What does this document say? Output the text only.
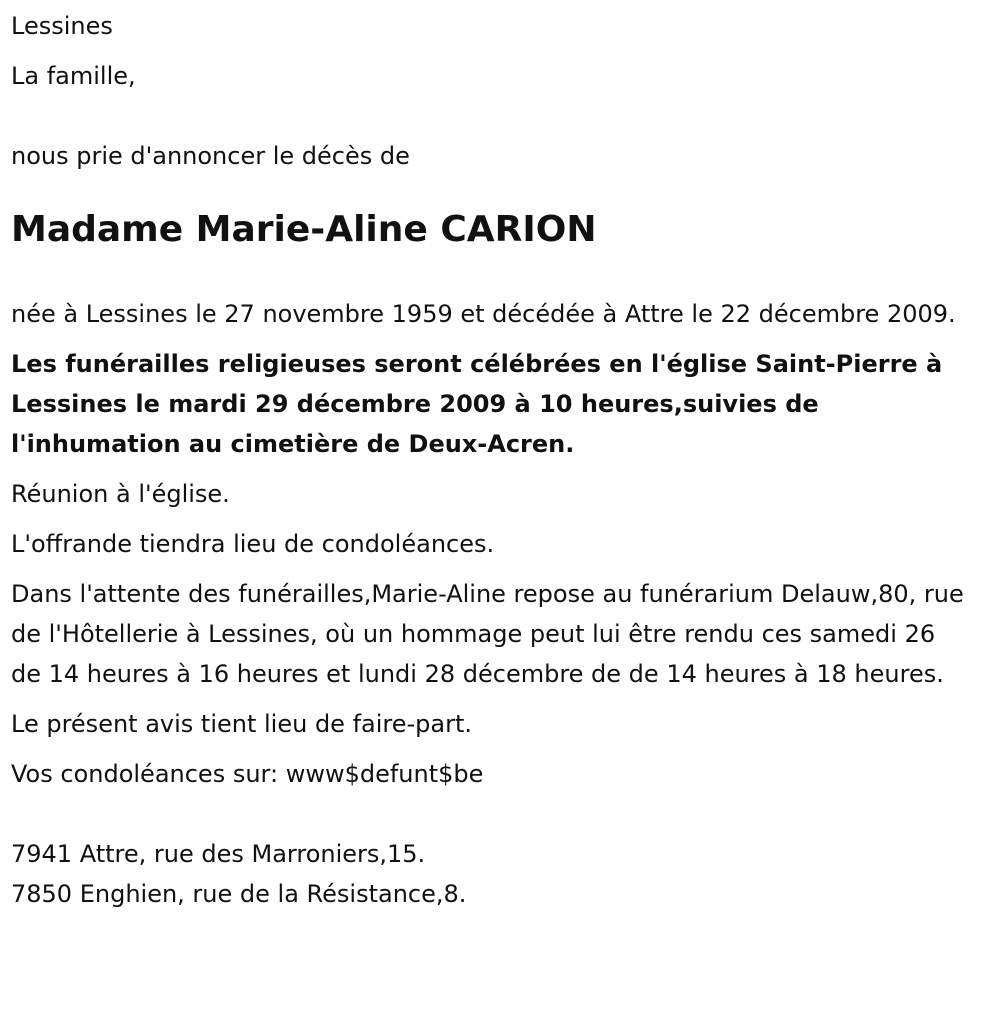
Lessines

La famille,

nous prie d'annoncer le décès de

Madame Marie-Aline CARION

née à Lessines le 27 novembre 1959 et décédée à Attre le 22 décembre 2009.

Les funérailles religieuses seront célébrées en l'église Saint-Pierre à Lessines le mardi 29 décembre 2009 à 10 heures,suivies de l'inhumation au cimetière de Deux-Acren.

Réunion à l'église.

L'offrande tiendra lieu de condoléances.

Dans l'attente des funérailles,Marie-Aline repose au funérarium Delauw,80, rue de l'Hôtellerie à Lessines, où un hommage peut lui être rendu ces samedi 26 de 14 heures à 16 heures et lundi 28 décembre de de 14 heures à 18 heures.

Le présent avis tient lieu de faire-part.

Vos condoléances sur: www$defunt$be

7941 Attre, rue des Marroniers,15.

7850 Enghien, rue de la Résistance,8.
